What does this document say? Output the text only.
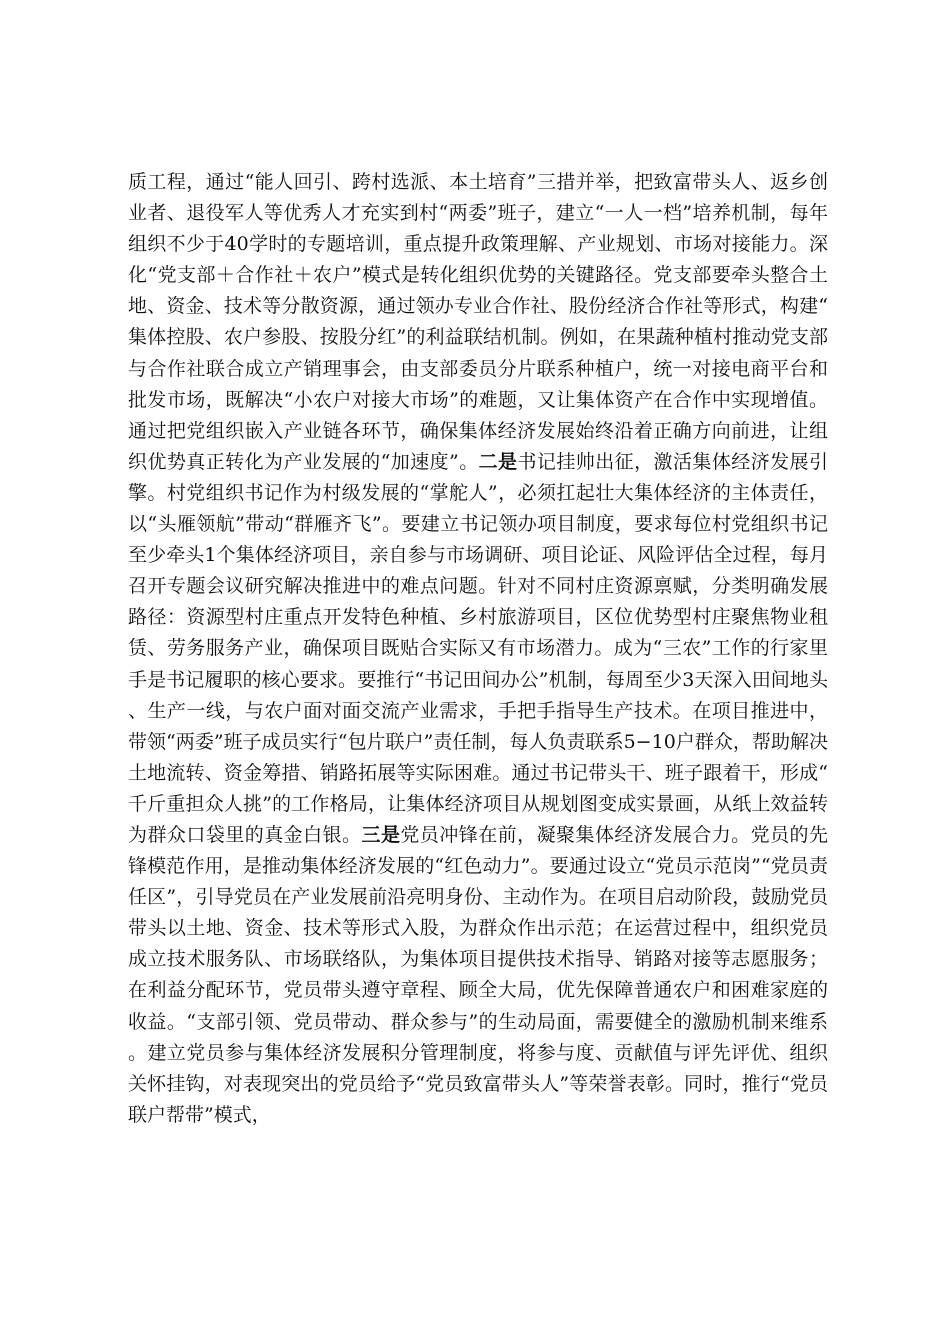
质工程，通过“能人回引、跨村选派、本土培育”三措并举，把致富带头人、返乡创业者、退役军人等优秀人才充实到村“两委”班子，建立“一人一档”培养机制，每年组织不少于40学时的专题培训，重点提升政策理解、产业规划、市场对接能力。深化“党支部＋合作社＋农户”模式是转化组织优势的关键路径。党支部要牵头整合土地、资金、技术等分散资源，通过领办专业合作社、股份经济合作社等形式，构建“集体控股、农户参股、按股分红”的利益联结机制。例如，在果蔬种植村推动党支部与合作社联合成立产销理事会，由支部委员分片联系种植户，统一对接电商平台和批发市场，既解决“小农户对接大市场”的难题，又让集体资产在合作中实现增值。通过把党组织嵌入产业链各环节，确保集体经济发展始终沿着正确方向前进，让组织优势真正转化为产业发展的“加速度”。二是书记挂帅出征，激活集体经济发展引擎。村党组织书记作为村级发展的“掌舵人”，必须扛起壮大集体经济的主体责任，以“头雁领航”带动“群雁齐飞”。要建立书记领办项目制度，要求每位村党组织书记至少牵头1个集体经济项目，亲自参与市场调研、项目论证、风险评估全过程，每月召开专题会议研究解决推进中的难点问题。针对不同村庄资源禀赋，分类明确发展路径：资源型村庄重点开发特色种植、乡村旅游项目，区位优势型村庄聚焦物业租赁、劳务服务产业，确保项目既贴合实际又有市场潜力。成为“三农”工作的行家里手是书记履职的核心要求。要推行“书记田间办公”机制，每周至少3天深入田间地头、生产一线，与农户面对面交流产业需求，手把手指导生产技术。在项目推进中，带领“两委”班子成员实行“包片联户”责任制，每人负责联系5−10户群众，帮助解决土地流转、资金筹措、销路拓展等实际困难。通过书记带头干、班子跟着干，形成“千斤重担众人挑”的工作格局，让集体经济项目从规划图变成实景画，从纸上效益转为群众口袋里的真金白银。三是党员冲锋在前，凝聚集体经济发展合力。党员的先锋模范作用，是推动集体经济发展的“红色动力”。要通过设立“党员示范岗”“党员责任区”，引导党员在产业发展前沿亮明身份、主动作为。在项目启动阶段，鼓励党员带头以土地、资金、技术等形式入股，为群众作出示范；在运营过程中，组织党员成立技术服务队、市场联络队，为集体项目提供技术指导、销路对接等志愿服务；在利益分配环节，党员带头遵守章程、顾全大局，优先保障普通农户和困难家庭的收益。“支部引领、党员带动、群众参与”的生动局面，需要健全的激励机制来维系。建立党员参与集体经济发展积分管理制度，将参与度、贡献值与评先评优、组织关怀挂钩，对表现突出的党员给予“党员致富带头人”等荣誉表彰。同时，推行“党员联户帮带”模式，
